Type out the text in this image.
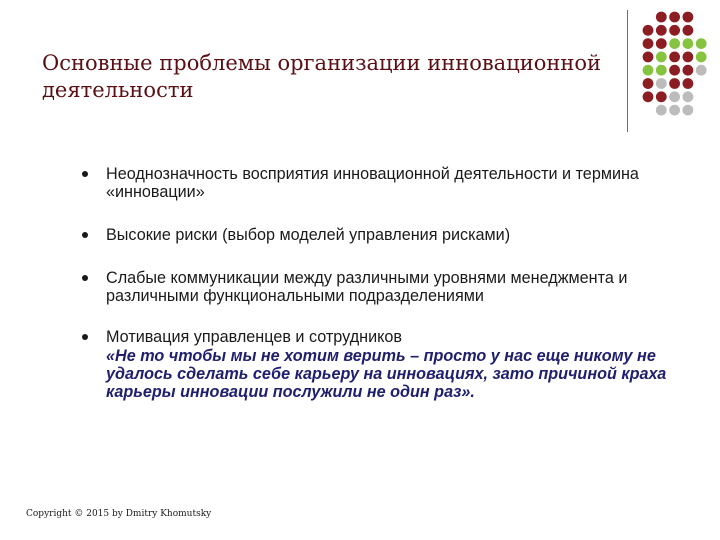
Основные проблемы организации инновационной деятельности
Неоднозначность восприятия инновационной деятельности и термина «инновации»
Высокие риски (выбор моделей управления рисками)
Слабые коммуникации между различными уровнями менеджмента и различными функциональными подразделениями
Мотивация управленцев и сотрудников
«Не то чтобы мы не хотим верить – просто у нас еще никому не удалось сделать себе карьеру на инновациях, зато причиной краха карьеры инновации послужили не один раз».
Copyright © 2015 by Dmitry Khomutsky
